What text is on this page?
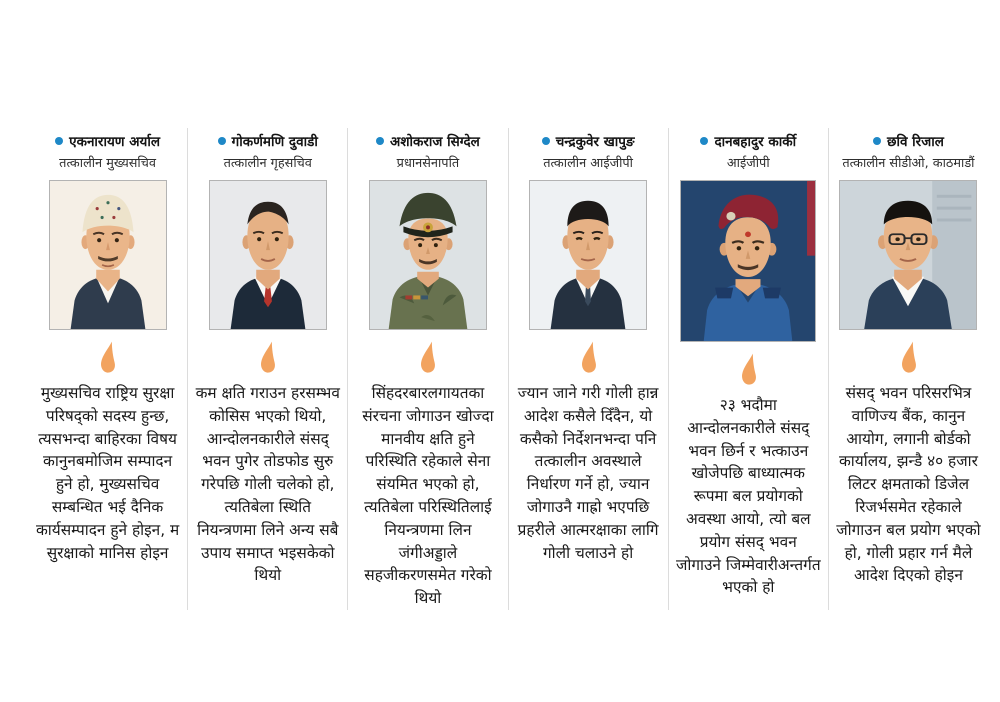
एकनारायण अर्याल
तत्कालीन मुख्यसचिव
मुख्यसचिव राष्ट्रिय सुरक्षा परिषद्को सदस्य हुन्छ, त्यसभन्दा बाहिरका विषय कानुनबमोजिम सम्पादन हुने हो, मुख्यसचिव सम्बन्धित भई दैनिक कार्यसम्पादन हुने होइन, म सुरक्षाको मानिस होइन
गोकर्णमणि दुवाडी
तत्कालीन गृहसचिव
कम क्षति गराउन हरसम्भव कोसिस भएको थियो, आन्दोलनकारीले संसद् भवन पुगेर तोडफोड सुरु गरेपछि गोली चलेको हो, त्यतिबेला स्थिति नियन्त्रणमा लिने अन्य सबै उपाय समाप्त भइसकेको थियो
अशोकराज सिग्देल
प्रधानसेनापति
सिंहदरबारलगायतका संरचना जोगाउन खोज्दा मानवीय क्षति हुने परिस्थिति रहेकाले सेना संयमित भएको हो, त्यतिबेला परिस्थितिलाई नियन्त्रणमा लिन जंगीअड्डाले सहजीकरणसमेत गरेको थियो
चन्द्रकुवेर खापुङ
तत्कालीन आईजीपी
ज्यान जाने गरी गोली हान्न आदेश कसैले दिँदैन, यो कसैको निर्देशनभन्दा पनि तत्कालीन अवस्थाले निर्धारण गर्ने हो, ज्यान जोगाउनै गाह्रो भएपछि प्रहरीले आत्मरक्षाका लागि गोली चलाउने हो
दानबहादुर कार्की
आईजीपी
२३ भदौमा आन्दोलनकारीले संसद् भवन छिर्न र भत्काउन खोजेपछि बाध्यात्मक रूपमा बल प्रयोगको अवस्था आयो, त्यो बल प्रयोग संसद् भवन जोगाउने जिम्मेवारीअन्तर्गत भएको हो
छवि रिजाल
तत्कालीन सीडीओ, काठमाडौं
संसद् भवन परिसरभित्र वाणिज्य बैंक, कानुन आयोग, लगानी बोर्डको कार्यालय, झन्डै ४० हजार लिटर क्षमताको डिजेल रिजर्भसमेत रहेकाले जोगाउन बल प्रयोग भएको हो, गोली प्रहार गर्न मैले आदेश दिएको होइन
